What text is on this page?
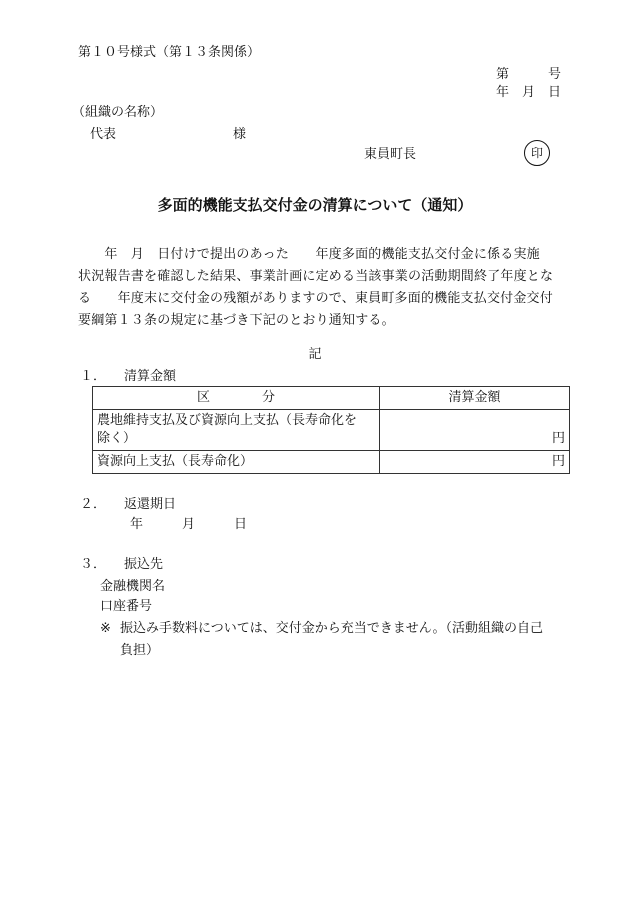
第１０号様式（第１３条関係）
第　　　号
年　月　日
（組織の名称）
代表　　　　　　　　　様
東員町長	印
多面的機能支払交付金の清算について（通知）
　　年　月　日付けで提出のあった　　年度多面的機能支払交付金に係る実施
状況報告書を確認した結果、事業計画に定める当該事業の活動期間終了年度とな
る　　年度末に交付金の残額がありますので、東員町多面的機能支払交付金交付
要綱第１３条の規定に基づき下記のとおり通知する。
記
１． 清算金額
区　　　　分	清算金額

農地維持支払及び資源向上支払（長寿命化を
除く）	円
資源向上支払（長寿命化）	円
２． 返還期日
年　　　月　　　日
３． 振込先
金融機関名
口座番号
※ 振込み手数料については、交付金から充当できません。（活動組織の自己
負担）
